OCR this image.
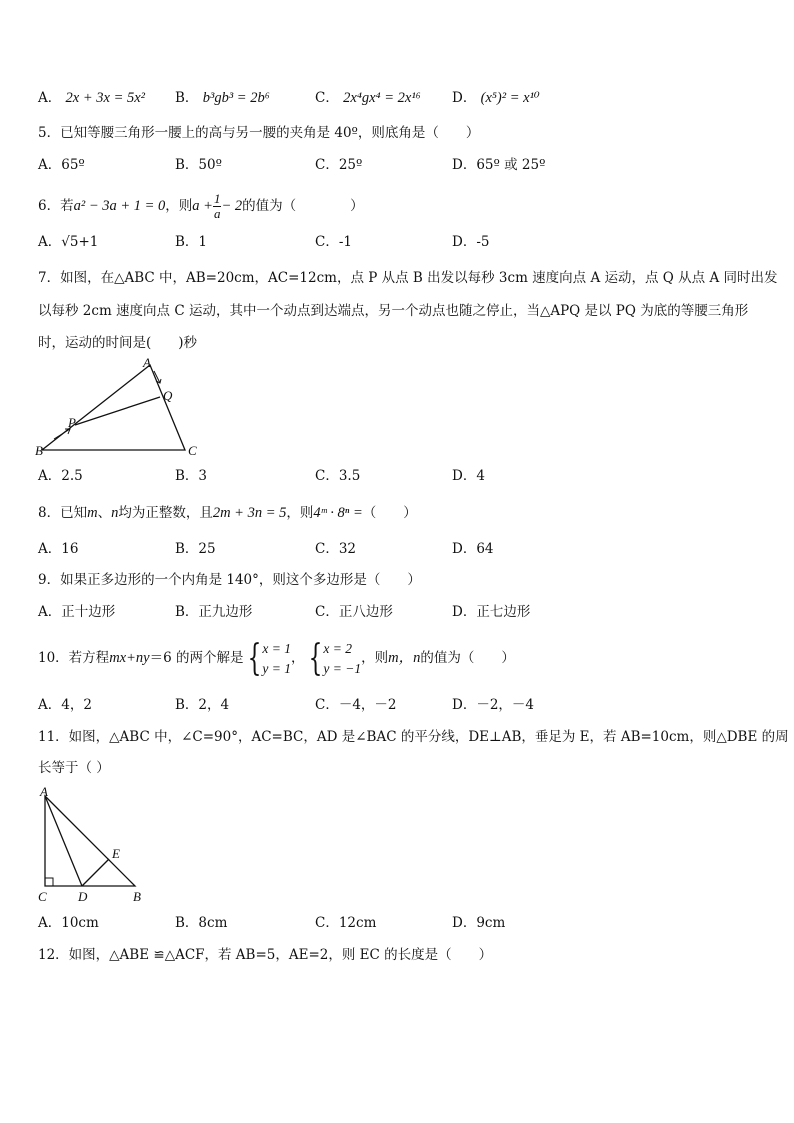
A． 2x + 3x = 5x² B． b³gb³ = 2b⁶	C． 2x⁴gx⁴ = 2x¹⁶ D． (x⁵)² = x¹⁰
5．已知等腰三角形一腰上的高与另一腰的夹角是 40º，则底角是（　　）
A．65º	B．50º	C．25º	D．65º 或 25º
6．若a² − 3a + 1 = 0，则$a + \frac{1}{a} - 2$的值为（　　　　）
A．√5+1	B．1	C．-1	D．-5
7．如图，在△ABC 中，AB=20cm，AC=12cm，点 P 从点 B 出发以每秒 3cm 速度向点 A 运动，点 Q 从点 A 同时出发
以每秒 2cm 速度向点 C 运动，其中一个动点到达端点，另一个动点也随之停止，当△APQ 是以 PQ 为底的等腰三角形
时，运动的时间是(　　)秒
A
B	C
P
Q
A．2.5	B．3	C．3.5	D．4
8．已知m、n均为正整数，且2m + 3n = 5，则4ᵐ · 8ⁿ =（　　）
A．16	B．25	C．32	D．64
9．如果正多边形的一个内角是 140°，则这个多边形是（　　）
A．正十边形	B．正九边形	C．正八边形	D．正七边形
10．若方程mx+ny＝6 的两个解是 { x = 1
y = 1
， { x = 2
y = −1
，则m，n的值为（　　）
A．4，2	B．2，4	C．－4，－2	D．－2，－4
11．如图，△ABC 中，∠C=90°，AC=BC，AD 是∠BAC 的平分线，DE⊥AB，垂足为 E，若 AB=10cm，则△DBE 的周
长等于（ ）
A
C D
E
B
A．10cm	B．8cm	C．12cm	D．9cm
12．如图，△ABE ≌△ACF，若 AB=5，AE=2，则 EC 的长度是（　　）
